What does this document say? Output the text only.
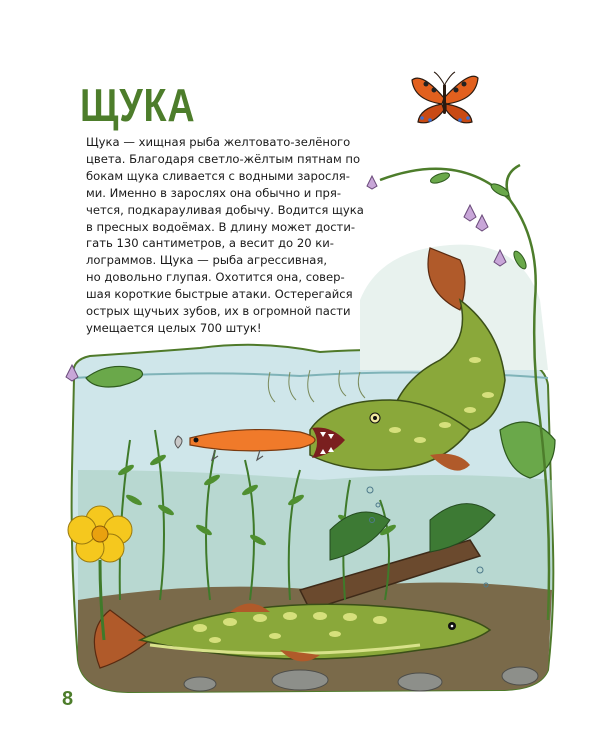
ЩУКА
Щука — хищная рыба желтовато-зелёного
цвета. Благодаря светло-жёлтым пятнам по
бокам щука сливается с водными заросля-
ми. Именно в зарослях она обычно и пря-
чется, подкарауливая добычу. Водится щука
в пресных водоёмах. В длину может дости-
гать 130 сантиметров, а весит до 20 ки-
лограммов. Щука — рыба агрессивная,
но довольно глупая. Охотится она, совер-
шая короткие быстрые атаки. Остерегайся
острых щучьих зубов, их в огромной пасти
умещается целых 700 штук!
8
